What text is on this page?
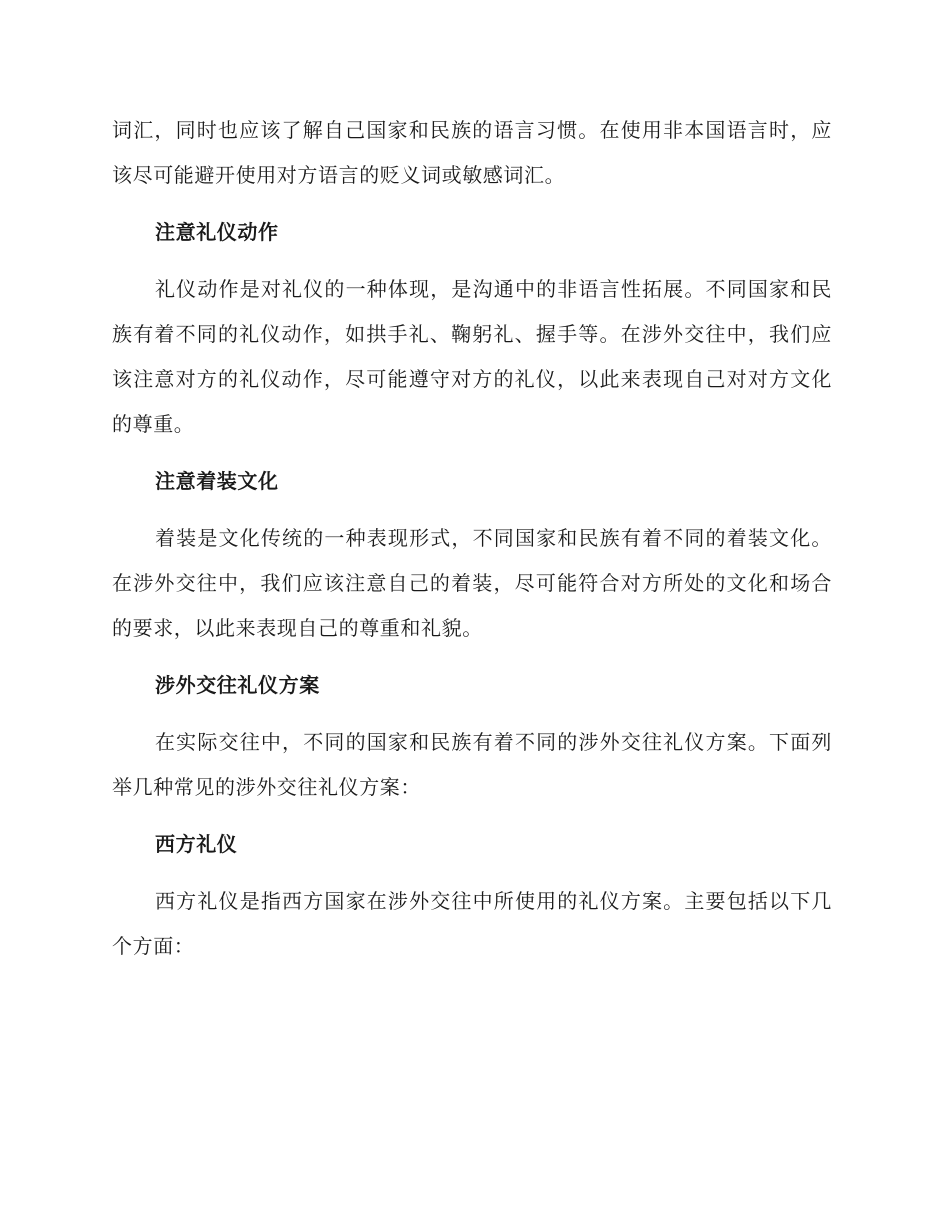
词汇，同时也应该了解自己国家和民族的语言习惯。在使用非本国语言时，应该尽可能避开使用对方语言的贬义词或敏感词汇。

注意礼仪动作

礼仪动作是对礼仪的一种体现，是沟通中的非语言性拓展。不同国家和民族有着不同的礼仪动作，如拱手礼、鞠躬礼、握手等。在涉外交往中，我们应该注意对方的礼仪动作，尽可能遵守对方的礼仪，以此来表现自己对对方文化的尊重。

注意着装文化

着装是文化传统的一种表现形式，不同国家和民族有着不同的着装文化。在涉外交往中，我们应该注意自己的着装，尽可能符合对方所处的文化和场合的要求，以此来表现自己的尊重和礼貌。

涉外交往礼仪方案

在实际交往中，不同的国家和民族有着不同的涉外交往礼仪方案。下面列举几种常见的涉外交往礼仪方案：

西方礼仪

西方礼仪是指西方国家在涉外交往中所使用的礼仪方案。主要包括以下几个方面：
